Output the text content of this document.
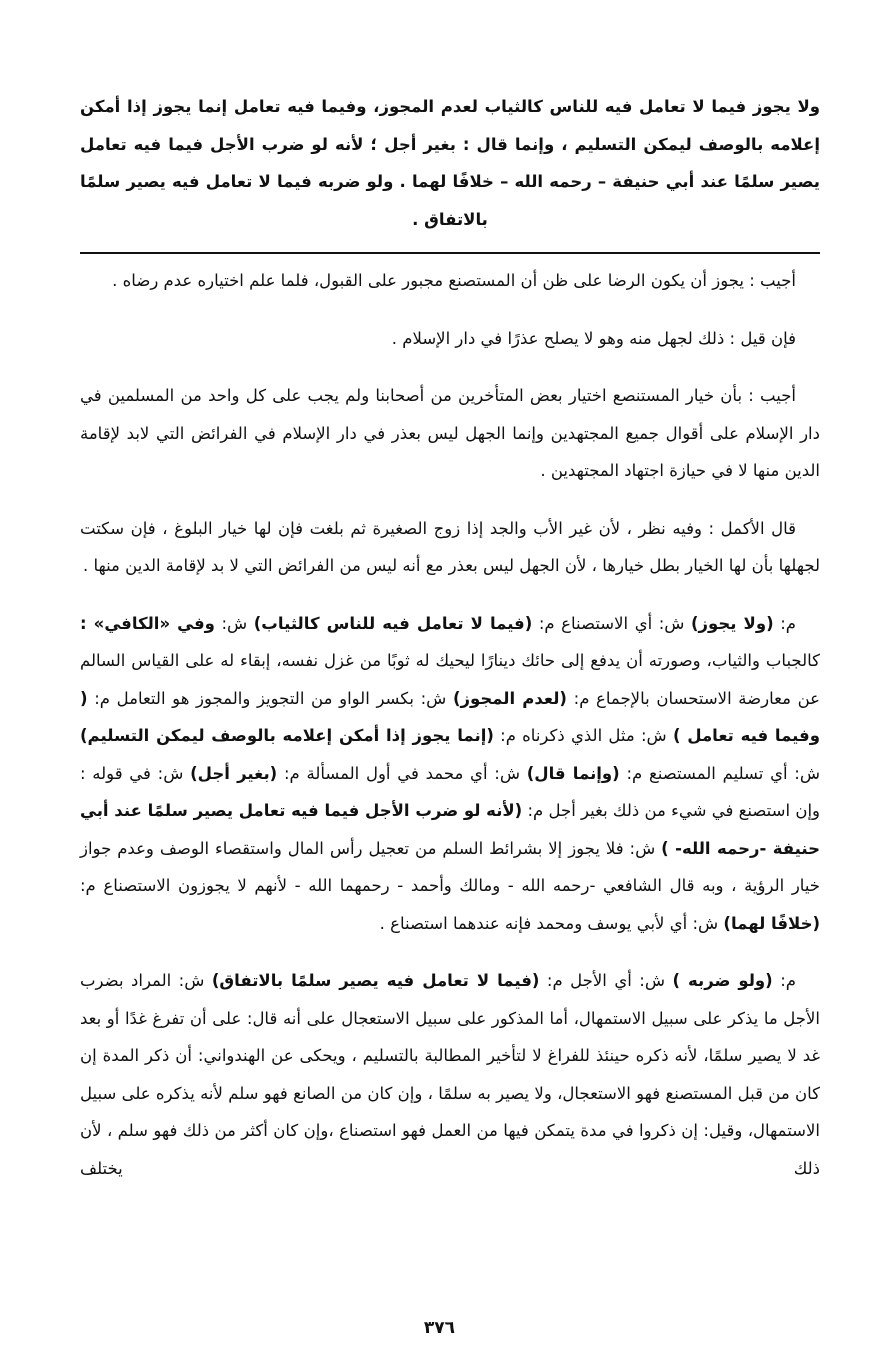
ولا يجوز فيما لا تعامل فيه للناس كالثياب لعدم المجوز، وفيما فيه تعامل إنما يجوز إذا أمكن إعلامه بالوصف ليمكن التسليم ، وإنما قال : بغير أجل ؛ لأنه لو ضرب الأجل فيما فيه تعامل يصير سلمًا عند أبي حنيفة – رحمه الله – خلافًا لهما . ولو ضربه فيما لا تعامل فيه يصير سلمًا

بالاتفاق .

أجيب : يجوز أن يكون الرضا على ظن أن المستصنع مجبور على القبول، فلما علم اختياره عدم رضاه .

فإن قيل : ذلك لجهل منه وهو لا يصلح عذرًا في دار الإسلام .

أجيب : بأن خيار المستنصع اختيار بعض المتأخرين من أصحابنا ولم يجب على كل واحد من المسلمين في دار الإسلام على أقوال جميع المجتهدين وإنما الجهل ليس بعذر في دار الإسلام في الفرائض التي لابد لإقامة الدين منها لا في حيازة اجتهاد المجتهدين .

قال الأكمل : وفيه نظر ، لأن غير الأب والجد إذا زوج الصغيرة ثم بلغت فإن لها خيار البلوغ ، فإن سكتت لجهلها بأن لها الخيار بطل خيارها ، لأن الجهل ليس بعذر مع أنه ليس من الفرائض التي لا بد لإقامة الدين منها .

م: (ولا يجوز) ش: أي الاستصناع م: (فيما لا تعامل فيه للناس كالثياب) ش: وفي «الكافي» : كالجباب والثياب، وصورته أن يدفع إلى حائك دينارًا ليحيك له ثوبًا من غزل نفسه، إبقاء له على القياس السالم عن معارضة الاستحسان بالإجماع م: (لعدم المجوز) ش: بكسر الواو من التجويز والمجوز هو التعامل م: ( وفيما فيه تعامل ) ش: مثل الذي ذكرناه م: (إنما يجوز إذا أمكن إعلامه بالوصف ليمكن التسليم) ش: أي تسليم المستصنع م: (وإنما قال) ش: أي محمد في أول المسألة م: (بغير أجل) ش: في قوله : وإن استصنع في شيء من ذلك بغير أجل م: (لأنه لو ضرب الأجل فيما فيه تعامل يصير سلمًا عند أبي حنيفة -رحمه الله- ) ش: فلا يجوز إلا بشرائط السلم من تعجيل رأس المال واستقصاء الوصف وعدم جواز خيار الرؤية ، وبه قال الشافعي -رحمه الله - ومالك وأحمد - رحمهما الله - لأنهم لا يجوزون الاستصناع م: (خلافًا لهما) ش: أي لأبي يوسف ومحمد فإنه عندهما استصناع .

م: (ولو ضربه ) ش: أي الأجل م: (فيما لا تعامل فيه يصير سلمًا بالاتفاق) ش: المراد بضرب الأجل ما يذكر على سبيل الاستمهال، أما المذكور على سبيل الاستعجال على أنه قال: على أن تفرغ غدًا أو بعد غد لا يصير سلمًا، لأنه ذكره حينئذ للفراغ لا لتأخير المطالبة بالتسليم ، ويحكى عن الهندواني: أن ذكر المدة إن كان من قبل المستصنع فهو الاستعجال، ولا يصير به سلمًا ، وإن كان من الصانع فهو سلم لأنه يذكره على سبيل الاستمهال، وقيل: إن ذكروا في مدة يتمكن فيها من العمل فهو استصناع ،وإن كان أكثر من ذلك فهو سلم ، لأن ذلك يختلف

٣٧٦
